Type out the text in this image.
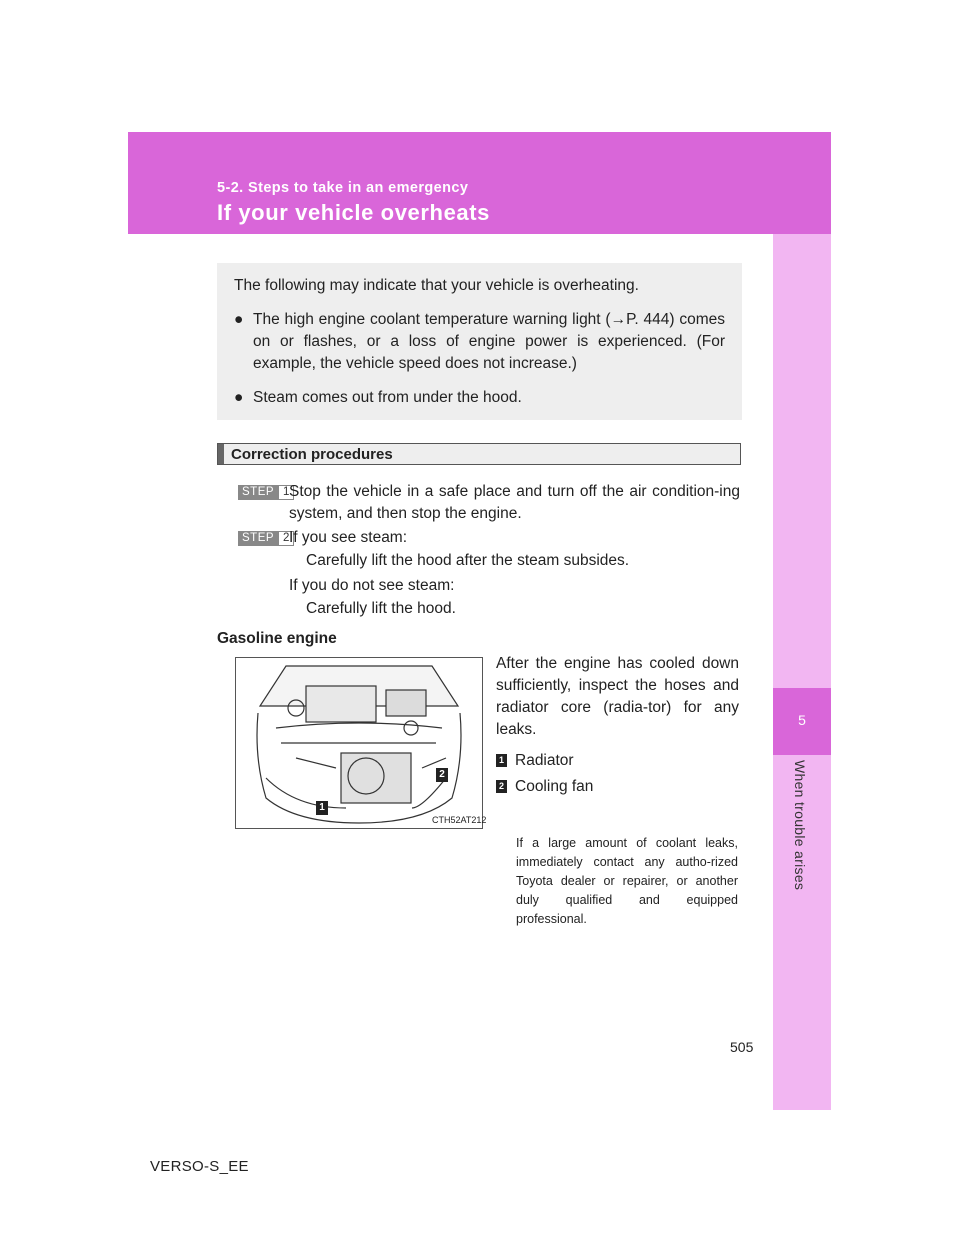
5-2. Steps to take in an emergency
If your vehicle overheats
5
When trouble arises

The following may indicate that your vehicle is overheating.

● The high engine coolant temperature warning light (→P. 444) comes on or flashes, or a loss of engine power is experienced. (For example, the vehicle speed does not increase.)
● Steam comes out from under the hood.
Correction procedures
STEP 1 Stop the vehicle in a safe place and turn off the air condition-ing system, and then stop the engine.
STEP 2 If you see steam:
Carefully lift the hood after the steam subsides.
If you do not see steam:
Carefully lift the hood.
Gasoline engine
2
1
CTH52AT212
After the engine has cooled down sufficiently, inspect the hoses and radiator core (radia-tor) for any leaks.
1 Radiator
2 Cooling fan
If a large amount of coolant leaks, immediately contact any autho-rized Toyota dealer or repairer, or another duly qualified and equipped professional.
505
VERSO-S_EE
